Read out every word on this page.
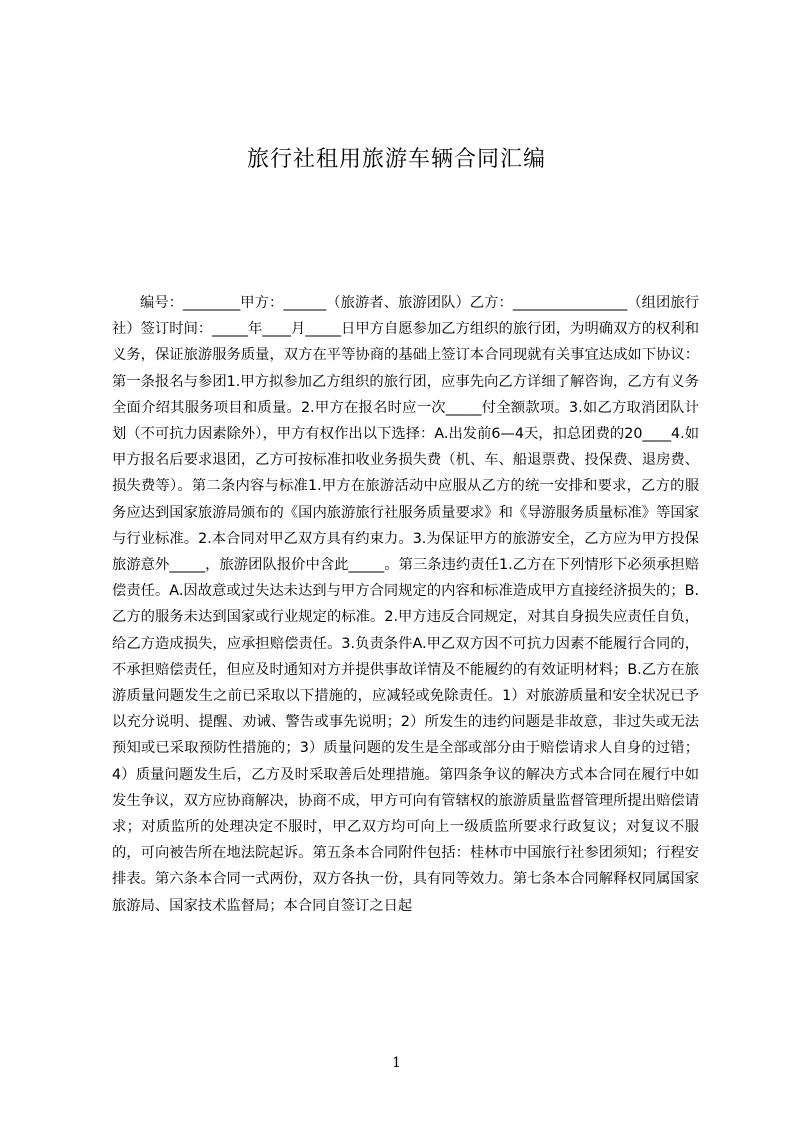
旅行社租用旅游车辆合同汇编

编号：________甲方：______（旅游者、旅游团队）乙方：________________（组团旅行社）签订时间：_____年____月_____日甲方自愿参加乙方组织的旅行团，为明确双方的权利和义务，保证旅游服务质量，双方在平等协商的基础上签订本合同现就有关事宜达成如下协议：第一条报名与参团1.甲方拟参加乙方组织的旅行团，应事先向乙方详细了解咨询，乙方有义务全面介绍其服务项目和质量。2.甲方在报名时应一次_____付全额款项。3.如乙方取消团队计划（不可抗力因素除外），甲方有权作出以下选择：A.出发前6—4天，扣总团费的20____4.如甲方报名后要求退团，乙方可按标准扣收业务损失费（机、车、船退票费、投保费、退房费、损失费等）。第二条内容与标准1.甲方在旅游活动中应服从乙方的统一安排和要求，乙方的服务应达到国家旅游局颁布的《国内旅游旅行社服务质量要求》和《导游服务质量标准》等国家与行业标准。2.本合同对甲乙双方具有约束力。3.为保证甲方的旅游安全，乙方应为甲方投保旅游意外_____，旅游团队报价中含此_____。第三条违约责任1.乙方在下列情形下必须承担赔偿责任。A.因故意或过失达未达到与甲方合同规定的内容和标准造成甲方直接经济损失的；B.乙方的服务未达到国家或行业规定的标准。2.甲方违反合同规定，对其自身损失应责任自负，给乙方造成损失，应承担赔偿责任。3.负责条件A.甲乙双方因不可抗力因素不能履行合同的，不承担赔偿责任，但应及时通知对方并提供事故详情及不能履约的有效证明材料；B.乙方在旅游质量问题发生之前已采取以下措施的，应减轻或免除责任。1）对旅游质量和安全状况已予以充分说明、提醒、劝诫、警告或事先说明；2）所发生的违约问题是非故意，非过失或无法预知或已采取预防性措施的；3）质量问题的发生是全部或部分由于赔偿请求人自身的过错；4）质量问题发生后，乙方及时采取善后处理措施。第四条争议的解决方式本合同在履行中如发生争议，双方应协商解决，协商不成，甲方可向有管辖权的旅游质量监督管理所提出赔偿请求；对质监所的处理决定不服时，甲乙双方均可向上一级质监所要求行政复议；对复议不服的，可向被告所在地法院起诉。第五条本合同附件包括：桂林市中国旅行社参团须知；行程安排表。第六条本合同一式两份，双方各执一份，具有同等效力。第七条本合同解释权同属国家旅游局、国家技术监督局；本合同自签订之日起

1
